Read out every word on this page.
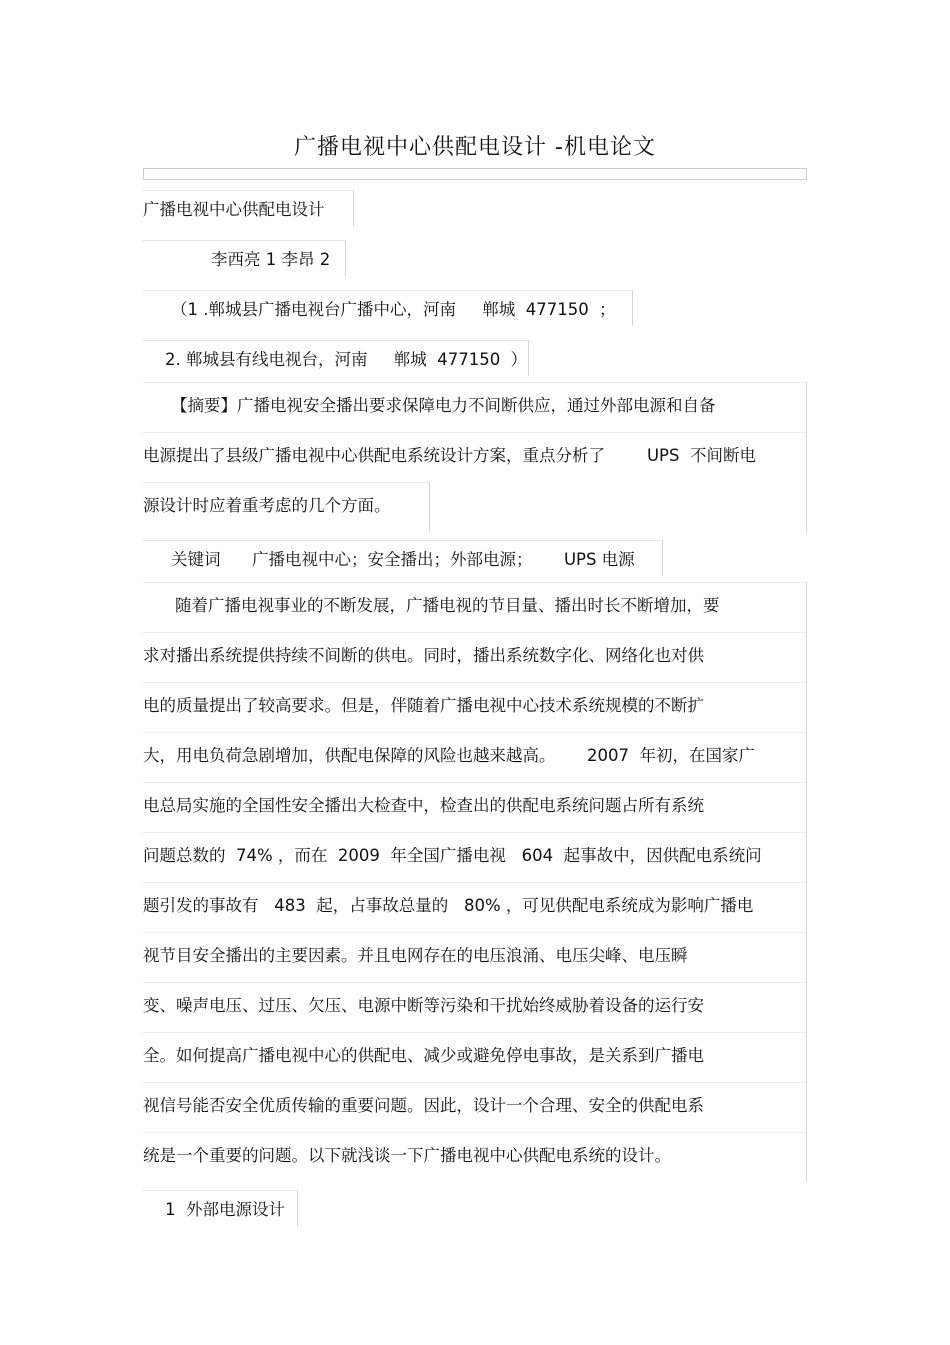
广播电视中心供配电设计 -机电论文
广播电视中心供配电设计
李西亮 1 李昂 2
（1 .郸城县广播电视台广播中心，河南     郸城  477150  ；
2. 郸城县有线电视台，河南     郸城  477150  ）
【摘要】广播电视安全播出要求保障电力不间断供应，通过外部电源和自备
电源提出了县级广播电视中心供配电系统设计方案，重点分析了        UPS  不间断电
源设计时应着重考虑的几个方面。
关键词      广播电视中心；安全播出；外部电源；      UPS 电源
随着广播电视事业的不断发展，广播电视的节目量、播出时长不断增加，要
求对播出系统提供持续不间断的供电。同时，播出系统数字化、网络化也对供
电的质量提出了较高要求。但是，伴随着广播电视中心技术系统规模的不断扩
大，用电负荷急剧增加，供配电保障的风险也越来越高。      2007  年初，在国家广
电总局实施的全国性安全播出大检查中，检查出的供配电系统问题占所有系统
问题总数的  74% ，而在  2009  年全国广播电视   604  起事故中，因供配电系统问
题引发的事故有   483  起，占事故总量的   80% ，可见供配电系统成为影响广播电
视节目安全播出的主要因素。并且电网存在的电压浪涌、电压尖峰、电压瞬
变、噪声电压、过压、欠压、电源中断等污染和干扰始终威胁着设备的运行安
全。如何提高广播电视中心的供配电、减少或避免停电事故，是关系到广播电
视信号能否安全优质传输的重要问题。因此，设计一个合理、安全的供配电系
统是一个重要的问题。以下就浅谈一下广播电视中心供配电系统的设计。
1  外部电源设计
